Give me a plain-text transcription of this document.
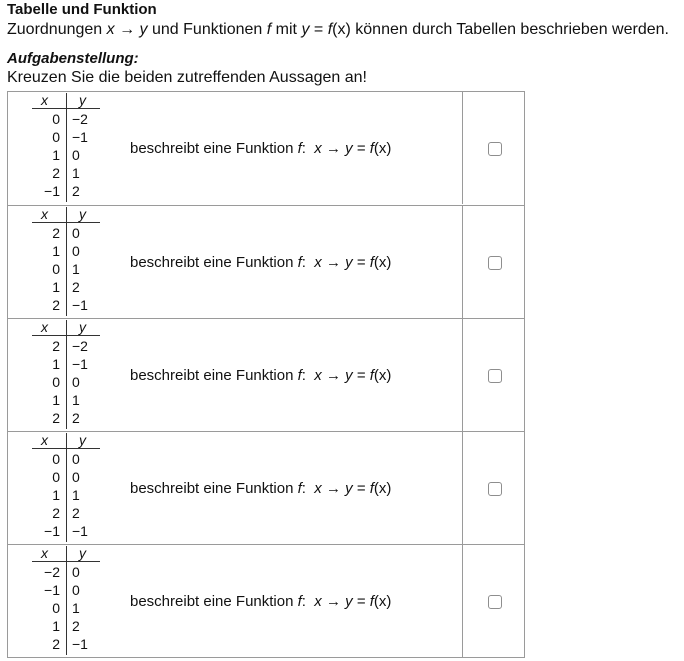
Tabelle und Funktion
Zuordnungen x → y und Funktionen f mit y = f(x) können durch Tabellen beschrieben werden.
Aufgabenstellung:
Kreuzen Sie die beiden zutreffenden Aussagen an!
x y
0 −2
0 −1
1 0
2 1
−1 2
beschreibt eine Funktion f: x → y = f(x)
x y
2 0
1 0
0 1
1 2
2 −1
beschreibt eine Funktion f: x → y = f(x)
x y
2 −2
1 −1
0 0
1 1
2 2
beschreibt eine Funktion f: x → y = f(x)
x y
0 0
0 0
1 1
2 2
−1 −1
beschreibt eine Funktion f: x → y = f(x)
x y
−2 0
−1 0
0 1
1 2
2 −1
beschreibt eine Funktion f: x → y = f(x)
